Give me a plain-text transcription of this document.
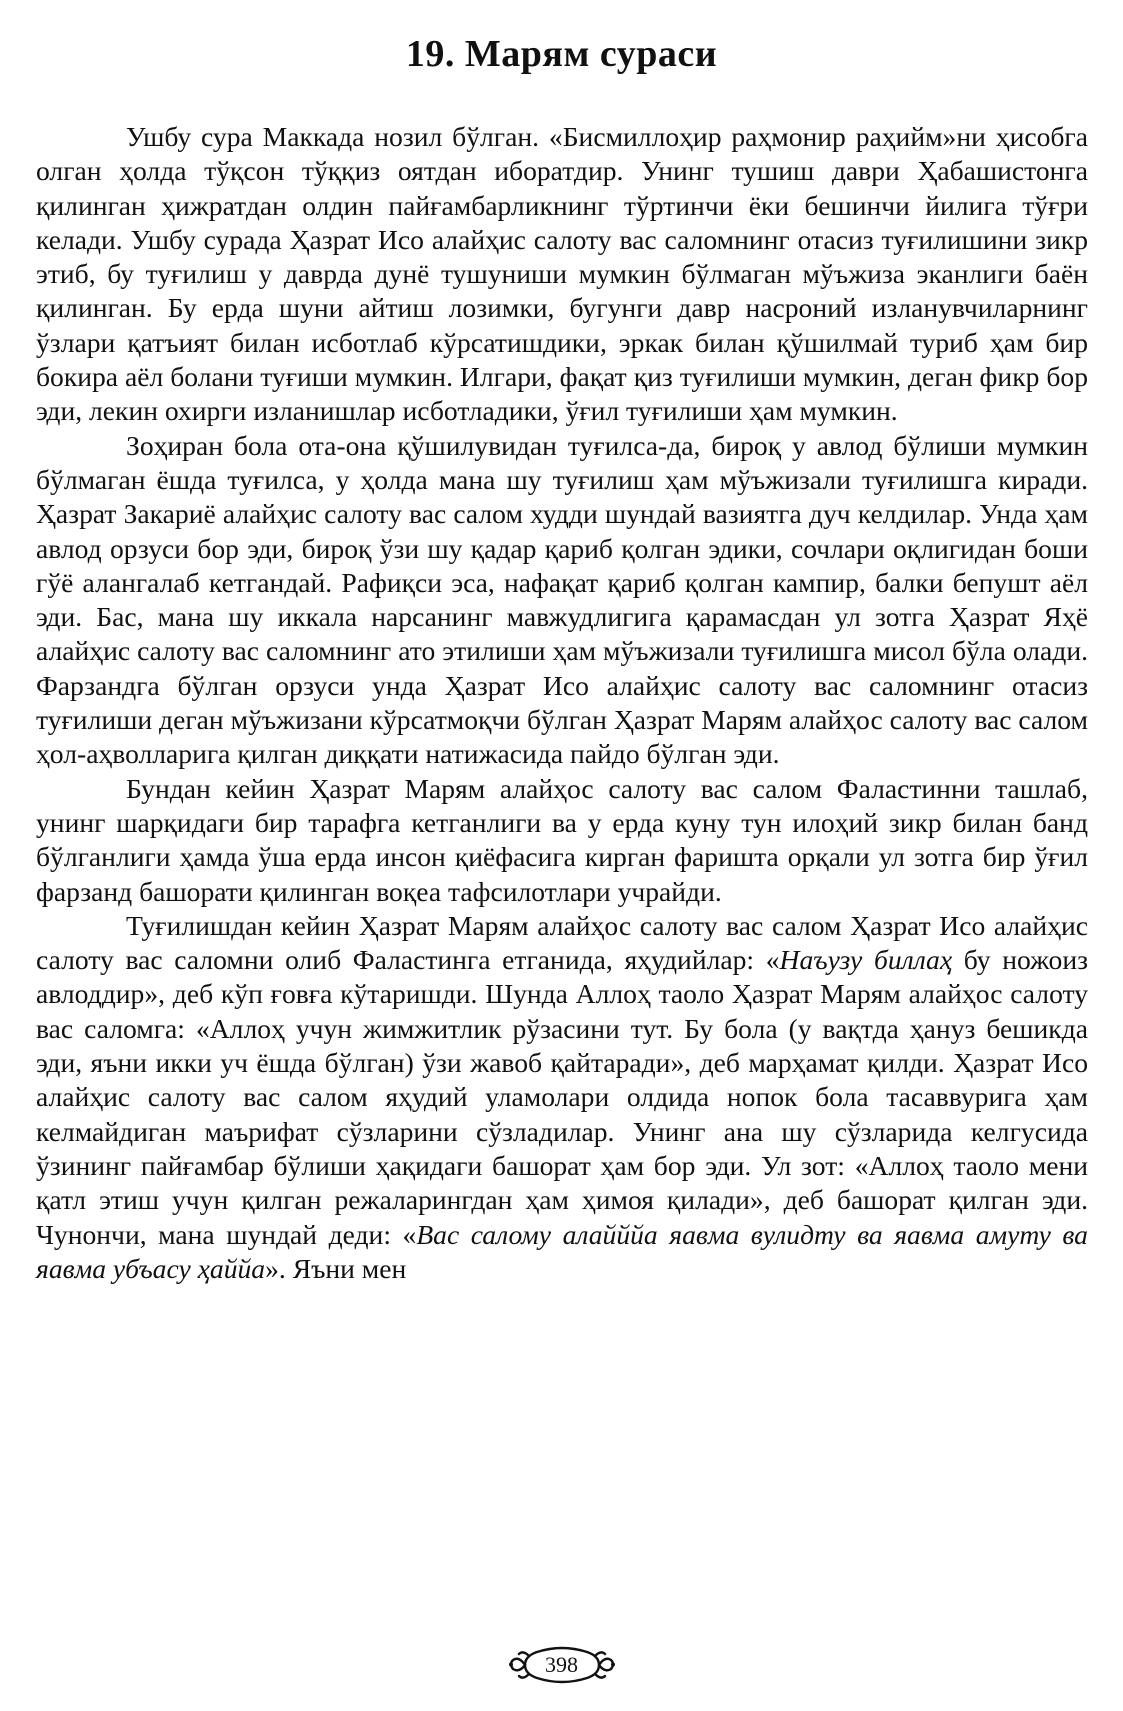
19. Марям сураси

Ушбу сура Маккада нозил бўлган. «Бисмиллоҳир раҳмонир раҳийм»ни ҳисобга олган ҳолда тўқсон тўққиз оятдан иборатдир. Унинг тушиш даври Ҳабашистонга қилинган ҳижратдан олдин пайғамбарликнинг тўртинчи ёки бешинчи йилига тўғри келади. Ушбу сурада Ҳазрат Исо алайҳис салоту вас саломнинг отасиз туғилишини зикр этиб, бу туғилиш у даврда дунё тушуниши мумкин бўлмаган мўъжиза эканлиги баён қилинган. Бу ерда шуни айтиш лозимки, бугунги давр насроний изланувчиларнинг ўзлари қатъият билан исботлаб кўрсатишдики, эркак билан қўшилмай туриб ҳам бир бокира аёл болани туғиши мумкин. Илгари, фақат қиз туғилиши мумкин, деган фикр бор эди, лекин охирги изланишлар исботладики, ўғил туғилиши ҳам мумкин.

Зоҳиран бола ота-она қўшилувидан туғилса-да, бироқ у авлод бўлиши мумкин бўлмаган ёшда туғилса, у ҳолда мана шу туғилиш ҳам мўъжизали туғилишга киради. Ҳазрат Закариё алайҳис салоту вас салом худди шундай вазиятга дуч келдилар. Унда ҳам авлод орзуси бор эди, бироқ ўзи шу қадар қариб қолган эдики, сочлари оқлигидан боши гўё алангалаб кетгандай. Рафиқси эса, нафақат қариб қолган кампир, балки бепушт аёл эди. Бас, мана шу иккала нарсанинг мавжудлигига қарамасдан ул зотга Ҳазрат Яҳё алайҳис салоту вас саломнинг ато этилиши ҳам мўъжизали туғилишга мисол бўла олади. Фарзандга бўлган орзуси унда Ҳазрат Исо алайҳис салоту вас саломнинг отасиз туғилиши деган мўъжизани кўрсатмоқчи бўлган Ҳазрат Марям алайҳос салоту вас салом ҳол-аҳволларига қилган диққати натижасида пайдо бўлган эди.

Бундан кейин Ҳазрат Марям алайҳос салоту вас салом Фаластинни ташлаб, унинг шарқидаги бир тарафга кетганлиги ва у ерда куну тун илоҳий зикр билан банд бўлганлиги ҳамда ўша ерда инсон қиёфасига кирган фаришта орқали ул зотга бир ўғил фарзанд башорати қилинган воқеа тафсилотлари учрайди.

Туғилишдан кейин Ҳазрат Марям алайҳос салоту вас салом Ҳазрат Исо алайҳис салоту вас саломни олиб Фаластинга етганида, яҳудийлар: «Наъузу биллаҳ бу ножоиз авлоддир», деб кўп ғовға кўтаришди. Шунда Аллоҳ таоло Ҳазрат Марям алайҳос салоту вас саломга: «Аллоҳ учун жимжитлик рўзасини тут. Бу бола (у вақтда ҳануз бешикда эди, яъни икки уч ёшда бўлган) ўзи жавоб қайтаради», деб марҳамат қилди. Ҳазрат Исо алайҳис салоту вас салом яҳудий уламолари олдида нопок бола тасаввурига ҳам келмайдиган маърифат сўзларини сўзладилар. Унинг ана шу сўзларида келгусида ўзининг пайғамбар бўлиши ҳақидаги башорат ҳам бор эди. Ул зот: «Аллоҳ таоло мени қатл этиш учун қилган режаларингдан ҳам ҳимоя қилади», деб башорат қилган эди. Чунончи, мана шундай деди: «Вас саломy алайййа яавма вулидту ва яавма амуту ва яавма убъасу ҳаййа». Яъни мен

398
